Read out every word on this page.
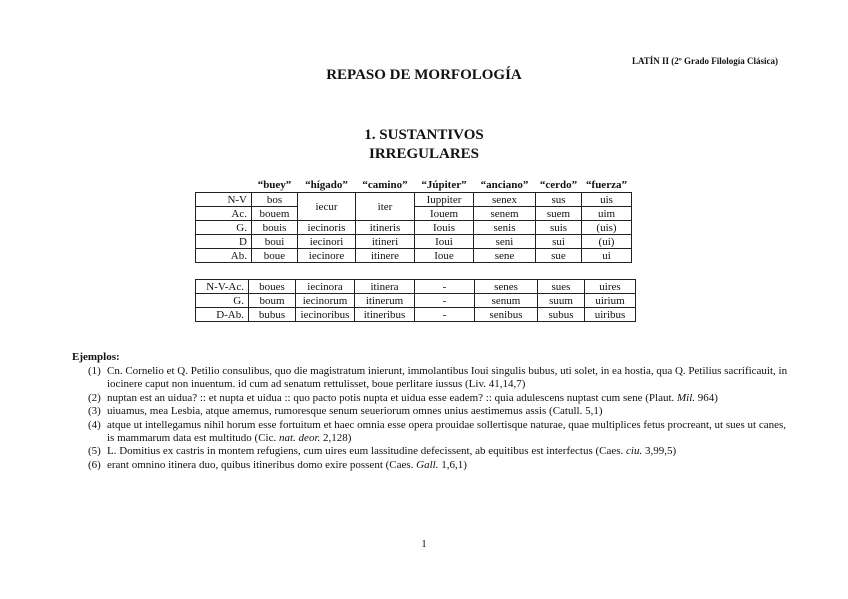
LATÍN II (2º Grado Filología Clásica)
REPASO DE MORFOLOGÍA
1. SUSTANTIVOS
IRREGULARES
	“buey”	“hígado”	“camino”	“Júpiter”	“anciano”	“cerdo”	“fuerza”
N-V	bos	iecur	iter	Iuppiter	senex	sus	uis
Ac.	bouem			Iouem	senem	suem	uim
G.	bouis	iecinoris	itineris	Iouis	senis	suis	(uis)
D	boui	iecinori	itineri	Ioui	seni	sui	(ui)
Ab.	boue	iecinore	itinere	Ioue	sene	sue	ui
N-V-Ac.	boues	iecinora	itinera	-	senes	sues	uires
G.	boum	iecinorum	itinerum	-	senum	suum	uirium
D-Ab.	bubus	iecinoribus	itineribus	-	senibus	subus	uiribus
Ejemplos:
(1) Cn. Cornelio et Q. Petilio consulibus, quo die magistratum inierunt, immolantibus Ioui singulis bubus, uti solet, in ea hostia, qua Q. Petilius sacrificauit, in iocinere caput non inuentum. id cum ad senatum rettulisset, boue perlitare iussus (Liv. 41,14,7)
(2) nuptan est an uidua? :: et nupta et uidua :: quo pacto potis nupta et uidua esse eadem? :: quia adulescens nuptast cum sene (Plaut. Mil. 964)
(3) uiuamus, mea Lesbia, atque amemus, rumoresque senum seueriorum omnes unius aestimemus assis (Catull. 5,1)
(4) atque ut intellegamus nihil horum esse fortuitum et haec omnia esse opera prouidae sollertisque naturae, quae multiplices fetus procreant, ut sues ut canes, is mammarum data est multitudo (Cic. nat. deor. 2,128)
(5) L. Domitius ex castris in montem refugiens, cum uires eum lassitudine defecissent, ab equitibus est interfectus (Caes. ciu. 3,99,5)
(6) erant omnino itinera duo, quibus itineribus domo exire possent (Caes. Gall. 1,6,1)
1
